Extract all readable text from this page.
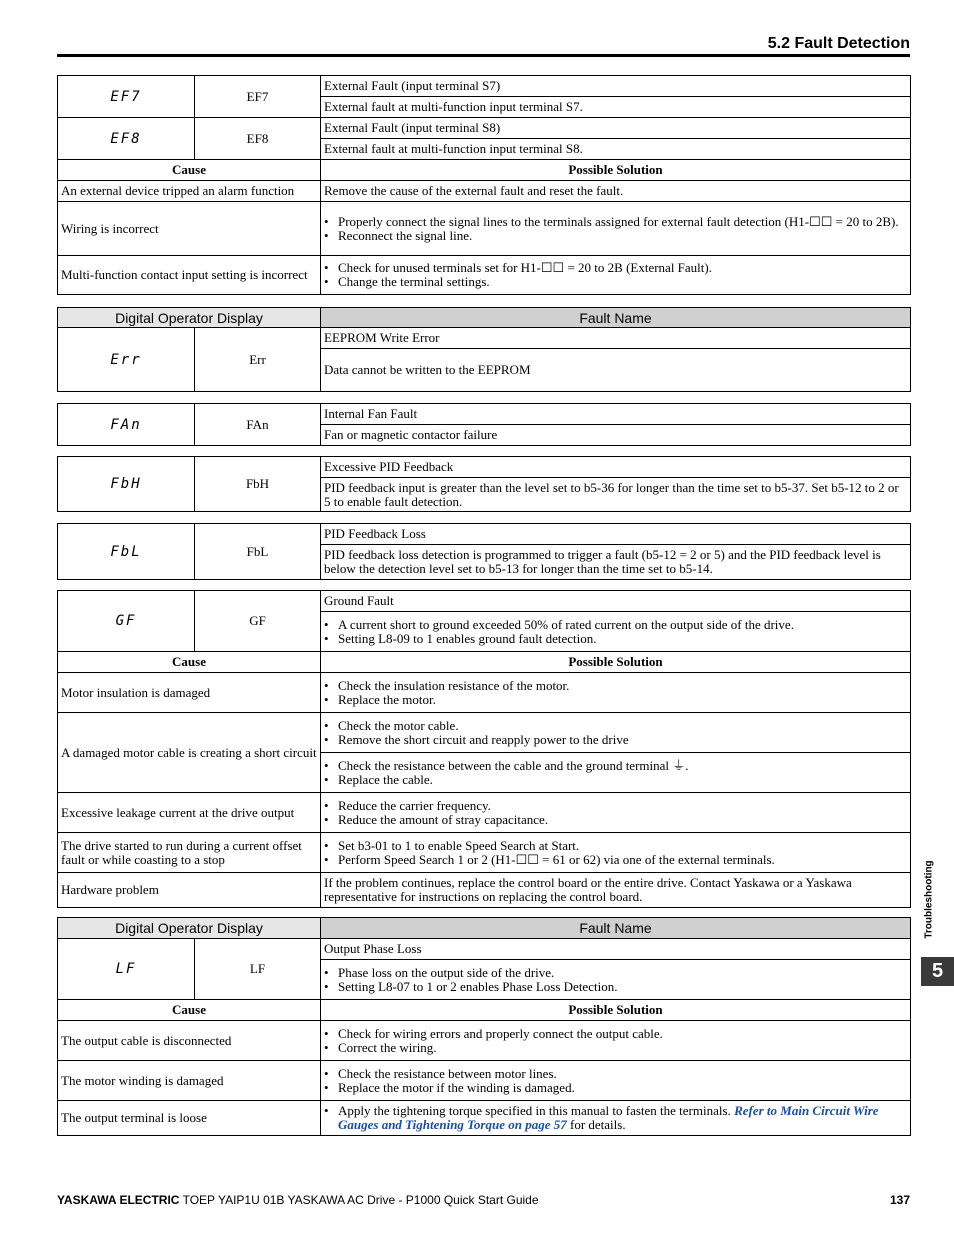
5.2 Fault Detection
EF7	EF7	External Fault (input terminal S7)
		External fault at multi-function input terminal S7.
EF8	EF8	External Fault (input terminal S8)
		External fault at multi-function input terminal S8.
Cause		Possible Solution
An external device tripped an alarm function		Remove the cause of the external fault and reset the fault.
Wiring is incorrect		• Properly connect the signal lines to the terminals assigned for external fault detection (H1-☐☐ = 20 to 2B).
• Reconnect the signal line.

Multi-function contact input setting is incorrect		• Check for unused terminals set for H1-☐☐ = 20 to 2B (External Fault).
• Change the terminal settings.
Digital Operator Display		Fault Name
Err	Err	EEPROM Write Error
		Data cannot be written to the EEPROM
FAn	FAn	Internal Fan Fault
Fan or magnetic contactor failure
FbH	FbH	Excessive PID Feedback
PID feedback input is greater than the level set to b5-36 for longer than the time set to b5-37. Set b5-12 to 2 or 5 to enable fault detection.
FbL	FbL	PID Feedback Loss
PID feedback loss detection is programmed to trigger a fault (b5-12 = 2 or 5) and the PID feedback level is below the detection level set to b5-13 for longer than the time set to b5-14.
GF	GF	Ground Fault

		• A current short to ground exceeded 50% of rated current on the output side of the drive.
• Setting L8-09 to 1 enables ground fault detection.

Cause		Possible Solution
Motor insulation is damaged		• Check the insulation resistance of the motor.
• Replace the motor.

A damaged motor cable is creating a short circuit		• Check the motor cable.
• Remove the short circuit and reapply power to the drive

		• Check the resistance between the cable and the ground terminal ⏚.
• Replace the cable.

Excessive leakage current at the drive output		• Reduce the carrier frequency.
• Reduce the amount of stray capacitance.

The drive started to run during a current offset fault or while coasting to a stop		• Set b3-01 to 1 to enable Speed Search at Start.
• Perform Speed Search 1 or 2 (H1-☐☐ = 61 or 62) via one of the external terminals.

Hardware problem		If the problem continues, replace the control board or the entire drive. Contact Yaskawa or a Yaskawa representative for instructions on replacing the control board.
Digital Operator Display	Fault Name
LF	LF	Output Phase Loss

		• Phase loss on the output side of the drive.
• Setting L8-07 to 1 or 2 enables Phase Loss Detection.

Cause		Possible Solution
The output cable is disconnected		• Check for wiring errors and properly connect the output cable.
• Correct the wiring.

The motor winding is damaged		• Check the resistance between motor lines.
• Replace the motor if the winding is damaged.

The output terminal is loose		• Apply the tightening torque specified in this manual to fasten the terminals. Refer to Main Circuit Wire Gauges and Tightening Torque on page 57 for details.
Troubleshooting
5
YASKAWA ELECTRIC TOEP YAIP1U 01B YASKAWA AC Drive - P1000 Quick Start Guide	137
